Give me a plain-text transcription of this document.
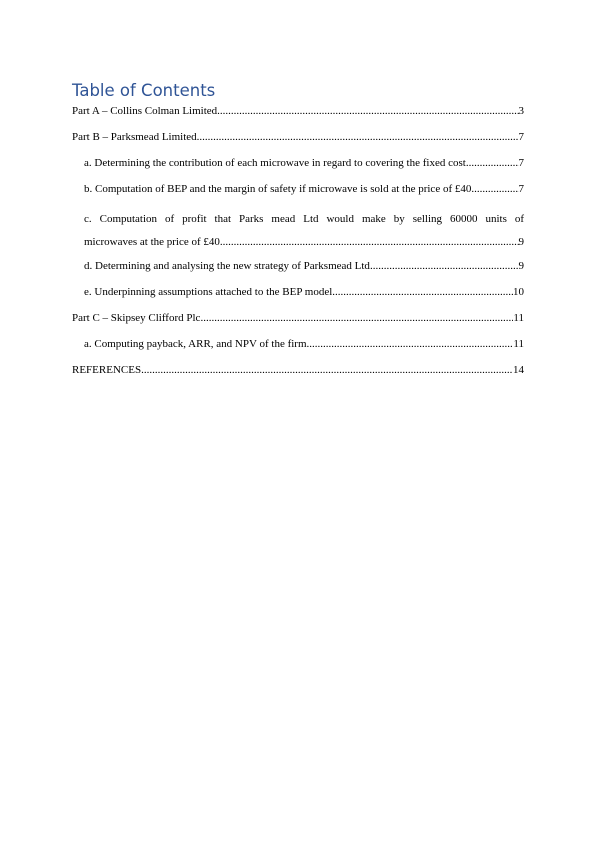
Table of Contents
Part A – Collins Colman Limited .....	3
Part B – Parksmead Limited .....	7
a. Determining the contribution of each microwave in regard to covering the fixed cost .....	7
b. Computation of BEP and the margin of safety if microwave is sold at the price of £40 .....	7
c. Computation of profit that Parks mead Ltd would make by selling 60000 units of
microwaves at the price of £40 .....	9
d. Determining and analysing the new strategy of Parksmead Ltd .....	9
e. Underpinning assumptions attached to the BEP model .....	10
Part C – Skipsey Clifford Plc .....	11
a. Computing payback, ARR, and NPV of the firm .....	11
REFERENCES .....	14
